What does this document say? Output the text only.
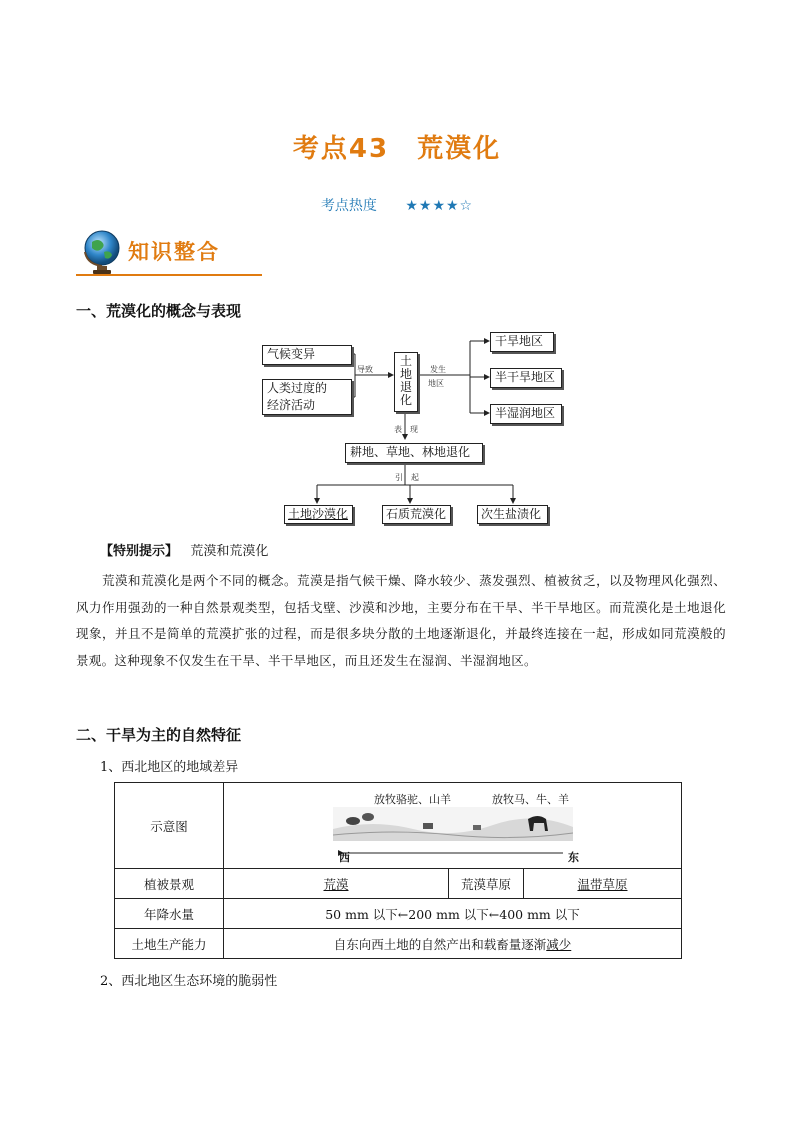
考点43　荒漠化
考点热度 ★★★★☆
知识整合
一、荒漠化的概念与表现
气候变异
人类过度的
经济活动
导致
土
地
退
化
发生
地区
干旱地区
半干旱地区
半湿润地区
表　现
耕地、草地、林地退化
引　起
土地沙漠化	石质荒漠化	次生盐渍化
【特别提示】 荒漠和荒漠化
荒漠和荒漠化是两个不同的概念。荒漠是指气候干燥、降水较少、蒸发强烈、植被贫乏，以及物理风化强烈、风力作用强劲的一种自然景观类型，包括戈壁、沙漠和沙地，主要分布在干旱、半干旱地区。而荒漠化是土地退化现象，并且不是简单的荒漠扩张的过程，而是很多块分散的土地逐渐退化，并最终连接在一起，形成如同荒漠般的景观。这种现象不仅发生在干旱、半干旱地区，而且还发生在湿润、半湿润地区。
二、干旱为主的自然特征
1、西北地区的地域差异
示意图	放牧骆驼、山羊 放牧马、牛、羊
西 东		

植被景观	荒漠	荒漠草原	温带草原
年降水量	50 mm 以下←200 mm 以下←400 mm 以下		
土地生产能力	自东向西土地的自然产出和载畜量逐渐减少		
2、西北地区生态环境的脆弱性
